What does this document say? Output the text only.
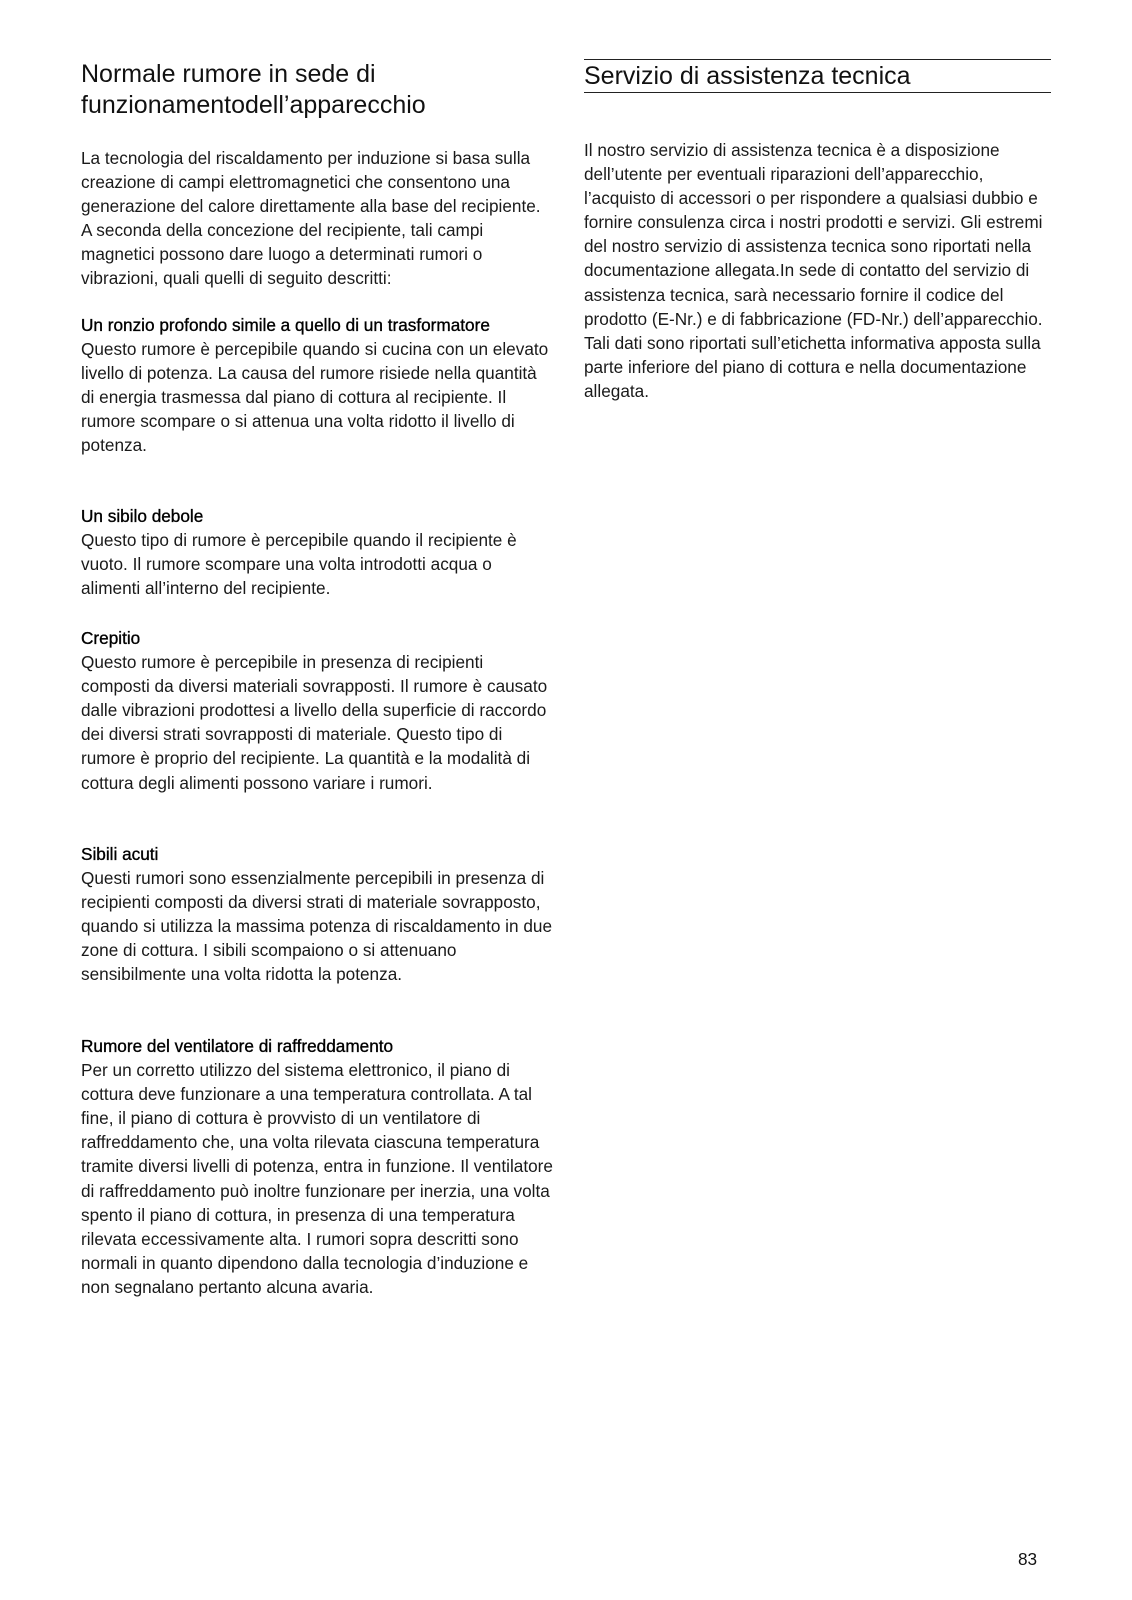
Normale rumore in sede di funzionamentodell’apparecchio

La tecnologia del riscaldamento per induzione si basa sulla creazione di campi elettromagnetici che consentono una generazione del calore direttamente alla base del recipiente. A seconda della concezione del recipiente, tali campi magnetici possono dare luogo a determinati rumori o vibrazioni, quali quelli di seguito descritti:

Un ronzio profondo simile a quello di un trasformatore

Questo rumore è percepibile quando si cucina con un elevato livello di potenza. La causa del rumore risiede nella quantità di energia trasmessa dal piano di cottura al recipiente. Il rumore scompare o si attenua una volta ridotto il livello di potenza.

Un sibilo debole

Questo tipo di rumore è percepibile quando il recipiente è vuoto. Il rumore scompare una volta introdotti acqua o alimenti all’interno del recipiente.

Crepitio

Questo rumore è percepibile in presenza di recipienti composti da diversi materiali sovrapposti. Il rumore è causato dalle vibrazioni prodottesi a livello della superficie di raccordo dei diversi strati sovrapposti di materiale. Questo tipo di rumore è proprio del recipiente. La quantità e la modalità di cottura degli alimenti possono variare i rumori.

Sibili acuti

Questi rumori sono essenzialmente percepibili in presenza di recipienti composti da diversi strati di materiale sovrapposto, quando si utilizza la massima potenza di riscaldamento in due zone di cottura. I sibili scompaiono o si attenuano sensibilmente una volta ridotta la potenza.

Rumore del ventilatore di raffreddamento

Per un corretto utilizzo del sistema elettronico, il piano di cottura deve funzionare a una temperatura controllata. A tal fine, il piano di cottura è provvisto di un ventilatore di raffreddamento che, una volta rilevata ciascuna temperatura tramite diversi livelli di potenza, entra in funzione. Il ventilatore di raffreddamento può inoltre funzionare per inerzia, una volta spento il piano di cottura, in presenza di una temperatura rilevata eccessivamente alta. I rumori sopra descritti sono normali in quanto dipendono dalla tecnologia d’induzione e non segnalano pertanto alcuna avaria.

Servizio di assistenza tecnica

Il nostro servizio di assistenza tecnica è a disposizione dell’utente per eventuali riparazioni dell’apparecchio, l’acquisto di accessori o per rispondere a qualsiasi dubbio e fornire consulenza circa i nostri prodotti e servizi. Gli estremi del nostro servizio di assistenza tecnica sono riportati nella documentazione allegata.In sede di contatto del servizio di assistenza tecnica, sarà necessario fornire il codice del prodotto (E-Nr.) e di fabbricazione (FD-Nr.) dell’apparecchio. Tali dati sono riportati sull’etichetta informativa apposta sulla parte inferiore del piano di cottura e nella documentazione allegata.

83
